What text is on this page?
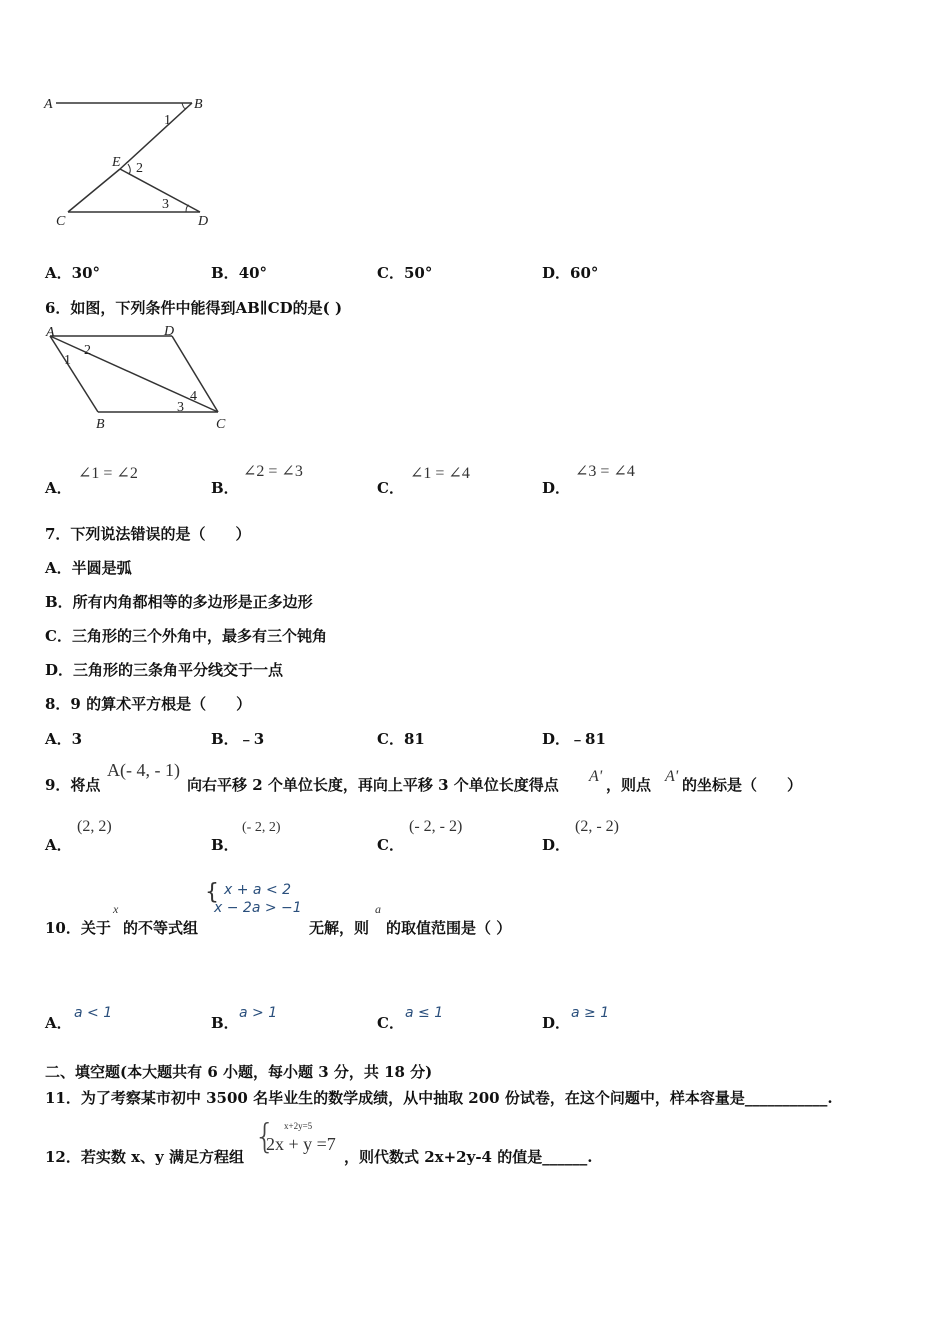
A	B
E
C	D
1
2
3
A．30°	B．40°	C．50°	D．60°
6．如图，下列条件中能得到AB∥CD的是( )
A	D
B	C
1
2
3
4
A．
∠1 = ∠2
B．
∠2 = ∠3
C．
∠1 = ∠4
D．
∠3 = ∠4
7．下列说法错误的是（　　）
A．半圆是弧
B．所有内角都相等的多边形是正多边形
C．三角形的三个外角中，最多有三个钝角
D．三角形的三条角平分线交于一点
8．9 的算术平方根是（　　）
A．3	B．﹣3	C．81	D．﹣81
9．将点
A(- 4, - 1)
向右平移 2 个单位长度，再向上平移 3 个单位长度得点 A' ，则点 A' 的坐标是（　　）
A．
(2, 2)
B．
(- 2, 2)
C．
(- 2, - 2)
D．
(2, - 2)
10．关于
x
的不等式组
{ x + a < 2
x − 2a > −1
无解，则
a
的取值范围是（ ）
A．
a < 1
B．
a > 1
C．
a ≤ 1
D．
a ≥ 1
二、填空题(本大题共有 6 小题，每小题 3 分，共 18 分)
11．为了考察某市初中 3500 名毕业生的数学成绩，从中抽取 200 份试卷，在这个问题中，样本容量是___________.
12．若实数 x、y 满足方程组 { x+2y=5
2x + y =7
，则代数式 2x+2y-4 的值是______.
